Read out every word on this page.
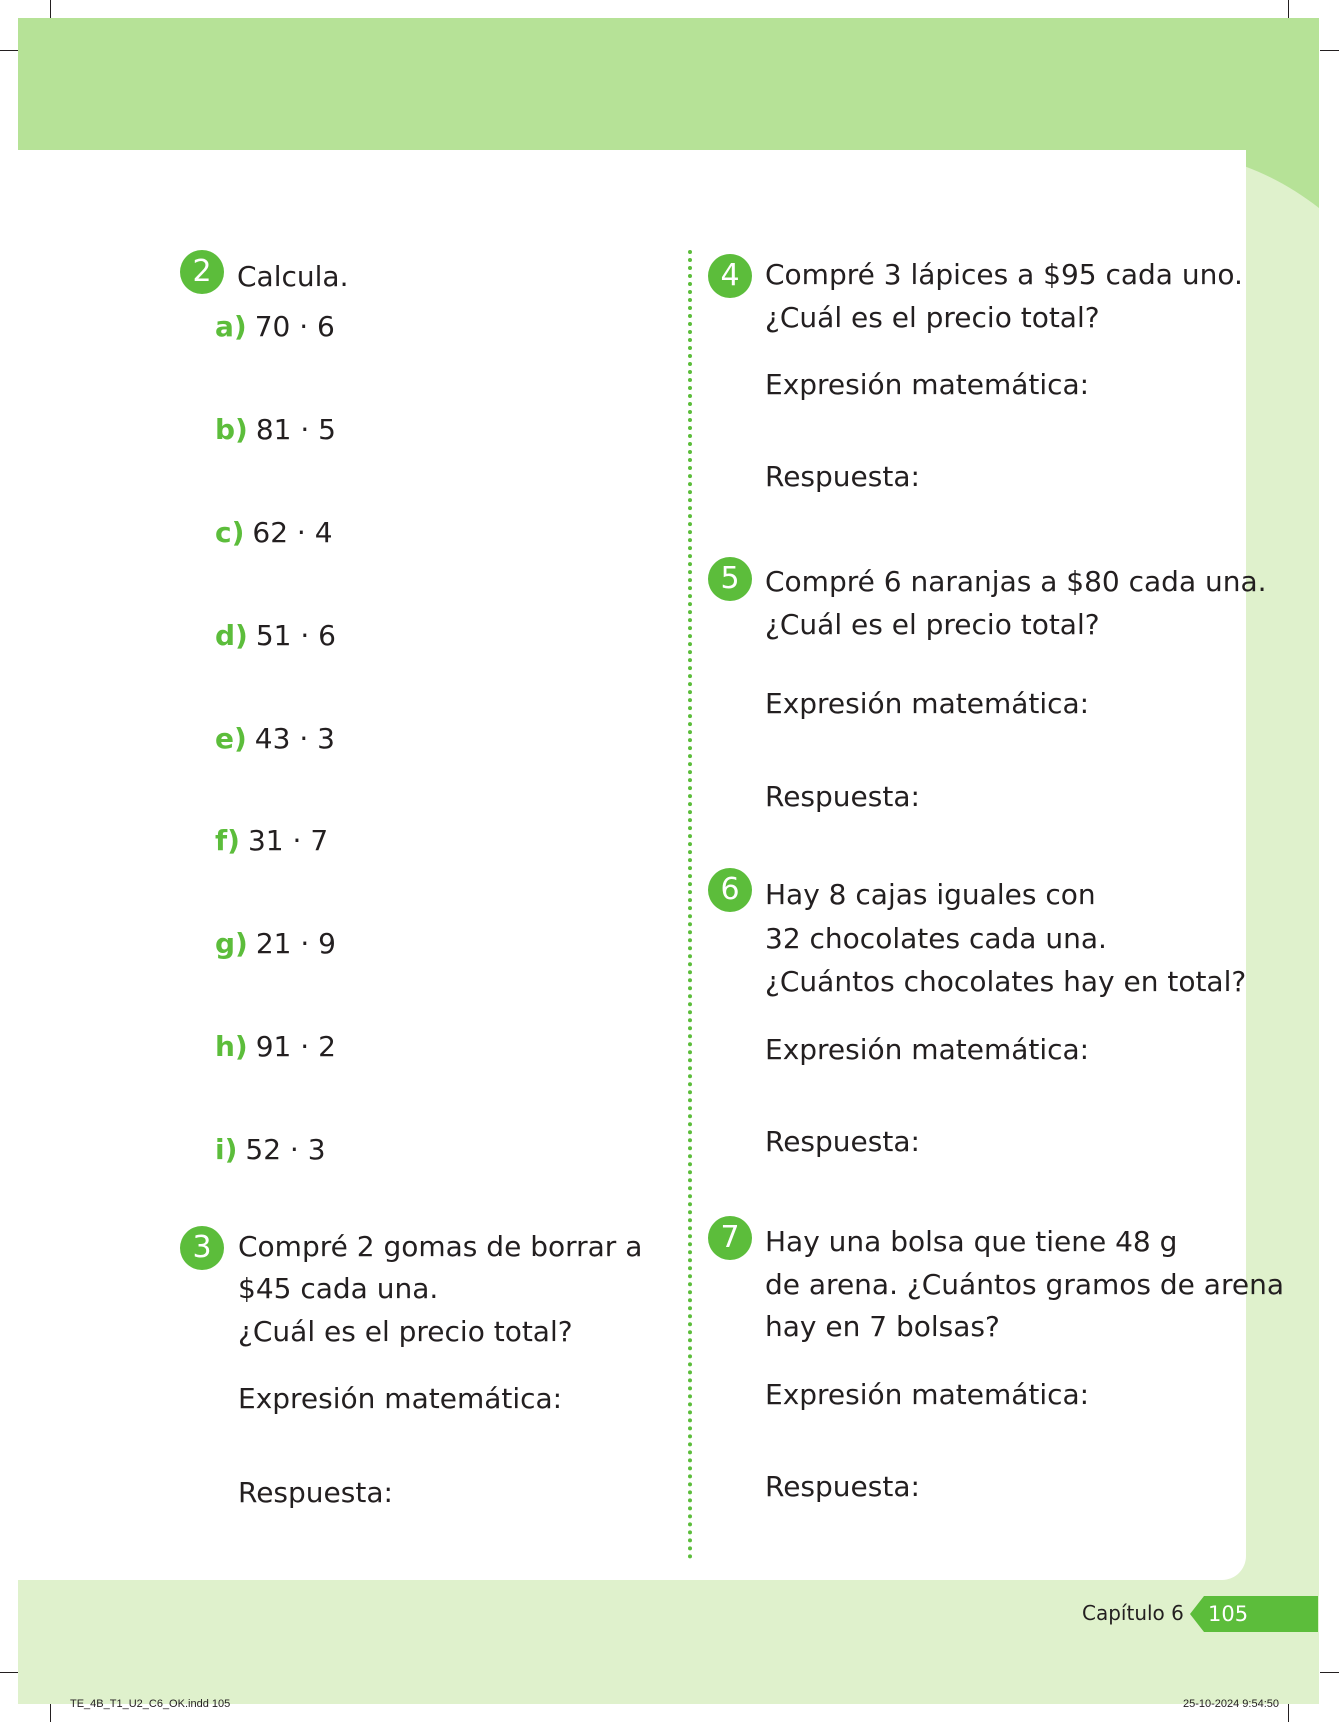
2 Calcula.
a) 70 · 6
b) 81 · 5
c) 62 · 4
d) 51 · 6
e) 43 · 3
f) 31 · 7
g) 21 · 9
h) 91 · 2
i) 52 · 3
3 Compré 2 gomas de borrar a
$45 cada una.
¿Cuál es el precio total?
Expresión matemática:
Respuesta:
4 Compré 3 lápices a $95 cada uno.
¿Cuál es el precio total?
Expresión matemática:
Respuesta:
5 Compré 6 naranjas a $80 cada una.
¿Cuál es el precio total?
Expresión matemática:
Respuesta:
6 Hay 8 cajas iguales con
32 chocolates cada una.
¿Cuántos chocolates hay en total?
Expresión matemática:
Respuesta:
7 Hay una bolsa que tiene 48 g
de arena. ¿Cuántos gramos de arena
hay en 7 bolsas?
Expresión matemática:
Respuesta:
Capítulo 6 105
TE_4B_T1_U2_C6_OK.indd 105	25-10-2024 9:54:50
